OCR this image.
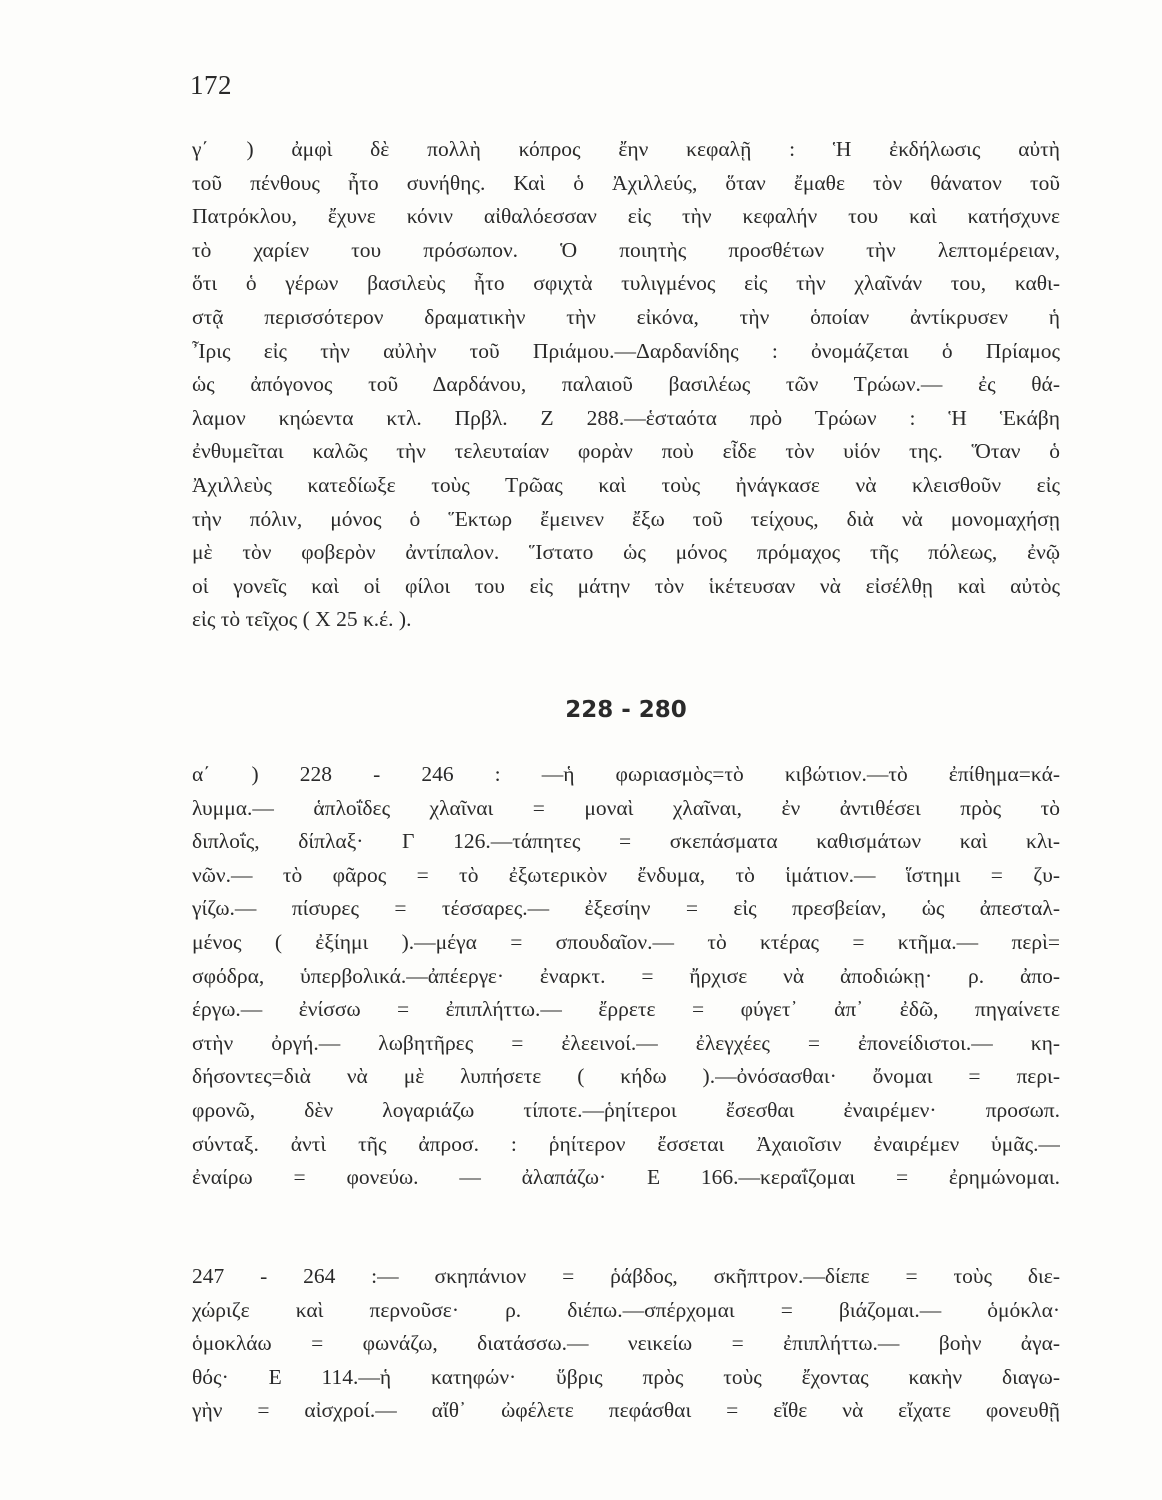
172
γ΄ ) ἀμφὶ δὲ πολλὴ κόπρος ἔην κεφαλῇ : Ἡ ἐκδήλωσις αὐτὴ
τοῦ πένθους ἦτο συνήθης. Καὶ ὁ Ἀχιλλεύς, ὅταν ἔμαθε τὸν θάνατον τοῦ
Πατρόκλου, ἔχυνε κόνιν αἰθαλόεσσαν εἰς τὴν κεφαλήν του καὶ κατήσχυνε
τὸ χαρίεν του πρόσωπον. Ὁ ποιητὴς προσθέτων τὴν λεπτομέρειαν,
ὅτι ὁ γέρων βασιλεὺς ἦτο σφιχτὰ τυλιγμένος εἰς τὴν χλαῖνάν του, καθι-
στᾷ περισσότερον δραματικὴν τὴν εἰκόνα, τὴν ὁποίαν ἀντίκρυσεν ἡ
Ἶρις εἰς τὴν αὐλὴν τοῦ Πριάμου.—Δαρδανίδης : ὀνομάζεται ὁ Πρίαμος
ὡς ἀπόγονος τοῦ Δαρδάνου, παλαιοῦ βασιλέως τῶν Τρώων.— ἐς θά-
λαμον κηώεντα κτλ. Πρβλ. Ζ 288.—ἑσταότα πρὸ Τρώων : Ἡ Ἑκάβη
ἐνθυμεῖται καλῶς τὴν τελευταίαν φορὰν ποὺ εἶδε τὸν υἱόν της. Ὅταν ὁ
Ἀχιλλεὺς κατεδίωξε τοὺς Τρῶας καὶ τοὺς ἠνάγκασε νὰ κλεισθοῦν εἰς
τὴν πόλιν, μόνος ὁ Ἕκτωρ ἔμεινεν ἔξω τοῦ τείχους, διὰ νὰ μονομαχήσῃ
μὲ τὸν φοβερὸν ἀντίπαλον. Ἵστατο ὡς μόνος πρόμαχος τῆς πόλεως, ἐνῷ
οἱ γονεῖς καὶ οἱ φίλοι του εἰς μάτην τὸν ἱκέτευσαν νὰ εἰσέλθῃ καὶ αὐτὸς
εἰς τὸ τεῖχος ( Χ 25 κ.έ. ).
228 - 280
α΄ ) 228 - 246 : —ἡ φωριασμὸς=τὸ κιβώτιον.—τὸ ἐπίθημα=κά-
λυμμα.— ἁπλοΐδες χλαῖναι = μοναὶ χλαῖναι, ἐν ἀντιθέσει πρὸς τὸ
διπλοΐς, δίπλαξ· Γ 126.—τάπητες = σκεπάσματα καθισμάτων καὶ κλι-
νῶν.— τὸ φᾶρος = τὸ ἐξωτερικὸν ἔνδυμα, τὸ ἱμάτιον.— ἵστημι = ζυ-
γίζω.— πίσυρες = τέσσαρες.— ἐξεσίην = εἰς πρεσβείαν, ὡς ἀπεσταλ-
μένος ( ἐξίημι ).—μέγα = σπουδαῖον.— τὸ κτέρας = κτῆμα.— περὶ=
σφόδρα, ὑπερβολικά.—ἀπέεργε· ἐναρκτ. = ἤρχισε νὰ ἀποδιώκῃ· ρ. ἀπο-
έργω.— ἐνίσσω = ἐπιπλήττω.— ἔρρετε = φύγετ᾿ ἀπ᾿ ἐδῶ, πηγαίνετε
στὴν ὀργή.— λωβητῆρες = ἐλεεινοί.— ἐλεγχέες = ἐπονείδιστοι.— κη-
δήσοντες=διὰ νὰ μὲ λυπήσετε ( κήδω ).—ὀνόσασθαι· ὄνομαι = περι-
φρονῶ, δὲν λογαριάζω τίποτε.—ῥηίτεροι ἔσεσθαι ἐναιρέμεν· προσωπ.
σύνταξ. ἀντὶ τῆς ἀπροσ. : ῥηίτερον ἔσσεται Ἀχαιοῖσιν ἐναιρέμεν ὑμᾶς.—
ἐναίρω = φονεύω. — ἀλαπάζω· Ε 166.—κεραΐζομαι = ἐρημώνομαι.
247 - 264 :— σκηπάνιον = ῥάβδος, σκῆπτρον.—δίεπε = τοὺς διε-
χώριζε καὶ περνοῦσε· ρ. διέπω.—σπέρχομαι = βιάζομαι.— ὁμόκλα·
ὁμοκλάω = φωνάζω, διατάσσω.— νεικείω = ἐπιπλήττω.— βοὴν ἀγα-
θός· Ε 114.—ἡ κατηφών· ὕβρις πρὸς τοὺς ἔχοντας κακὴν διαγω-
γὴν = αἰσχροί.— αἴθ᾿ ὠφέλετε πεφάσθαι = εἴθε νὰ εἴχατε φονευθῇ
